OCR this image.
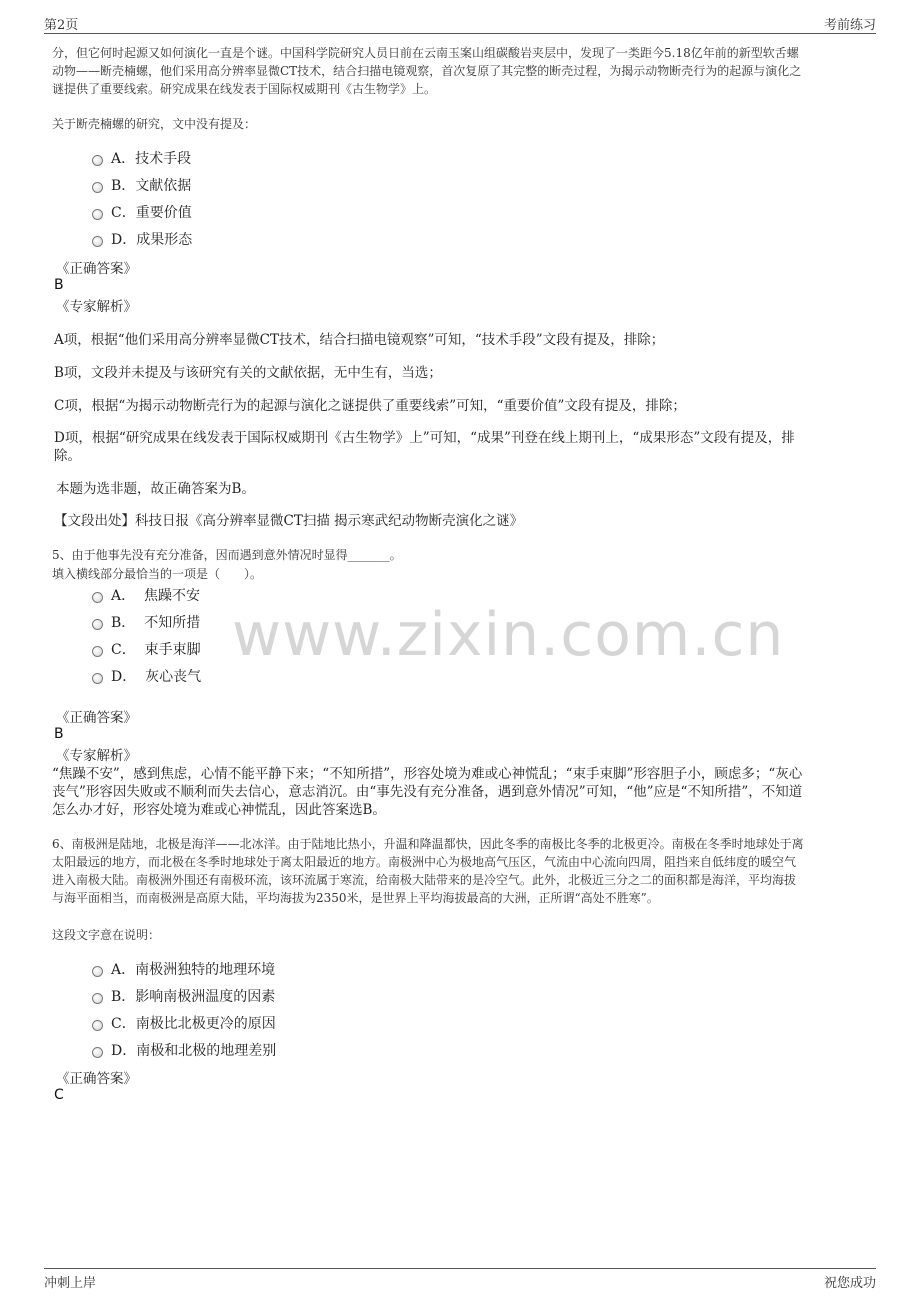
第2页	考前练习
www.zixin.com.cn
分，但它何时起源又如何演化一直是个谜。中国科学院研究人员日前在云南玉案山组碳酸岩夹层中，发现了一类距今5.18亿年前的新型软舌螺
动物——断壳楠螺，他们采用高分辨率显微CT技术，结合扫描电镜观察，首次复原了其完整的断壳过程，为揭示动物断壳行为的起源与演化之
谜提供了重要线索。研究成果在线发表于国际权威期刊《古生物学》上。
关于断壳楠螺的研究，文中没有提及：
A．技术手段
B．文献依据
C．重要价值
D．成果形态
《正确答案》
B
《专家解析》
A项，根据“他们采用高分辨率显微CT技术，结合扫描电镜观察”可知，“技术手段”文段有提及，排除；
B项，文段并未提及与该研究有关的文献依据，无中生有，当选；
C项，根据“为揭示动物断壳行为的起源与演化之谜提供了重要线索”可知，“重要价值”文段有提及，排除；
D项，根据“研究成果在线发表于国际权威期刊《古生物学》上”可知，“成果”刊登在线上期刊上，“成果形态”文段有提及，排
除。
本题为选非题，故正确答案为B。
【文段出处】科技日报《高分辨率显微CT扫描 揭示寒武纪动物断壳演化之谜》
5、由于他事先没有充分准备，因而遇到意外情况时显得_______。
填入横线部分最恰当的一项是（　　）。
A．  焦躁不安
B．  不知所措
C．  束手束脚
D．  灰心丧气
《正确答案》
B
《专家解析》
“焦躁不安”，感到焦虑，心情不能平静下来；“不知所措”，形容处境为难或心神慌乱；“束手束脚”形容胆子小，顾虑多；“灰心
丧气”形容因失败或不顺利而失去信心，意志消沉。由“事先没有充分准备，遇到意外情况”可知，“他”应是“不知所措”，不知道
怎么办才好，形容处境为难或心神慌乱，因此答案选B。
6、南极洲是陆地，北极是海洋——北冰洋。由于陆地比热小，升温和降温都快，因此冬季的南极比冬季的北极更冷。南极在冬季时地球处于离
太阳最远的地方，而北极在冬季时地球处于离太阳最近的地方。南极洲中心为极地高气压区，气流由中心流向四周，阻挡来自低纬度的暖空气
进入南极大陆。南极洲外围还有南极环流，该环流属于寒流，给南极大陆带来的是冷空气。此外，北极近三分之二的面积都是海洋，平均海拔
与海平面相当，而南极洲是高原大陆，平均海拔为2350米，是世界上平均海拔最高的大洲，正所谓“高处不胜寒”。
这段文字意在说明：
A．南极洲独特的地理环境
B．影响南极洲温度的因素
C．南极比北极更冷的原因
D．南极和北极的地理差别
《正确答案》
C
冲刺上岸	祝您成功
